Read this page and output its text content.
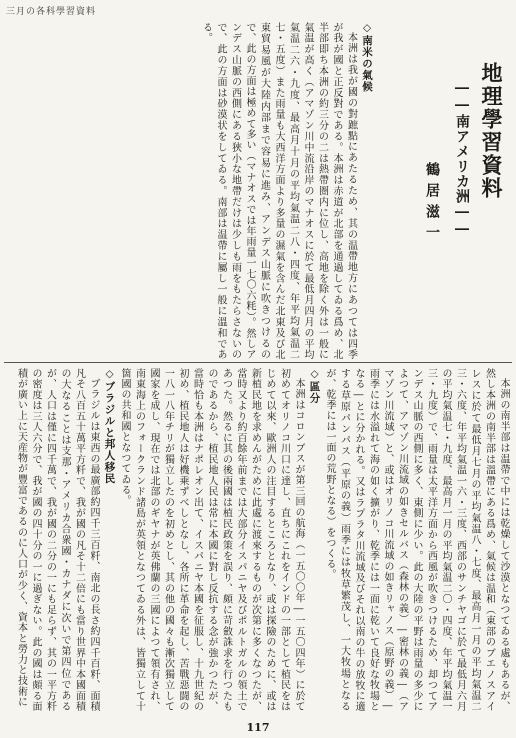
三月の各科學習資料
地理學習資料
――南アメリカ洲――
鶴居滋一
◇南米の氣候

本洲は我が國の對蹠點にあたるため、其の温帶地方にあつては四季が我が國と正反對である。本洲は赤道が北部を通過してゐる爲め、北半部即ち本洲の約三分の二は熱帶圏内に位し、高地を除く外は一般に氣温が高く（アマゾン川中流沿岸のマナオスに於て最低月四月の平均氣温二六・九度、最高月十月の平均氣温二八・四度、年平均氣温二七・五度）また雨量も大西洋方面より多量の濕氣を含んだ北東及び北東貿易風が大陸内部まで容易に進み、アンデス山脈に吹きつけるので、此の方面は極めて多い（マナオスでは年雨量一七〇六粍）。然しアンデス山脈の西側にある狹小な地帶だけは少しも雨をもたらさないので、此の方面は砂漠状をしてゐる。南部は温帶に屬し一般に溫和である。

本洲の南半部は温帶で中には乾燥して沙漠となつてゐる處もあるが、然し本洲の南半部は溫帶にある爲め、氣候は温和（東部のブエノスアイレスに於て最低月七月の平均氣温八・七度、最高月一月の平均氣温二三・六度、年平均氣温一六・三度、西部のサンチヤゴに於て最低月六月の平均氣温七・九度、最高月一月の平均氣温二〇・四度、年平均氣温一三・九度）で、雨量は太平洋方面から西風が吹きつけるため、却つてアンデス山脈の西側に多く、東側に少い。此の大陸の平野は雨量の多少によつて、アマゾン川流域の如きセルバス（森林の義）―密林の義―（アマゾン川流域）と、或はオリノコ川流域の如きリャノス（原野の義）―雨季には水溢れて海の如く擴がり、乾季には一面に乾いて良好な牧場となる―とに分かれる。又はラプラタ川流域及びそれ以南の牛の放牧に適する草原パンパス（平原の義）雨季には牧草繁茂し、一大牧場となるが、乾季には一面の荒野となる）をつくる。

◇區分

本洲はコロンブスが第三回の航海（一五〇〇年―一五〇四年）に於て初めてオリノコ川口に達し、直ちにこれをインドの一部として植民をはじめて以來、歐洲人の注目するところとなり、或は探險のために、或は新植民地を求めんがために此處に渡來するものが次第に多くなつたが、當時又より約百餘年前までは大部分イスパニヤ及びポルトガルの領土であつた。然るに其の後兩國は植民政策を誤り、頗に苛斂誅求を行つたものであるから、植民地人民は常に本國に對し反抗する念が強かつたが、當時恰も本洲はナポレオン出て、イスパニヤ本國を征服し、十九世紀の初め、植民地人は好機乘ずべしとなし、各所に革命を起し、苦戰惡闘の一八一八年チリが獨立したのを初めとし、其の他の國々も漸次獨立して國家を成し、現在では北部のギヤナが英佛蘭の三國によつて領有され、南東海上のフォークランド諸島が英領となつてゐる外は、皆獨立して十箇國の共和國となつてゐる。

◇ブラジルと邦人移民

ブラジルは東西の最廣部約四千三百粁、南北の長さ約四千百粁、面積凡そ八百五十萬平方粁で、我が國の凡そ十二倍にも當り世界中本國面積の大なることは支那・アメリカ合衆國・カナダに次いで第四位であるが、人口は僅に四千萬で、我が國の二分の一にも足らず、其の一平方粁の密度は三人六分で、我が國の四十分の一に過ぎない。此の國は頗る面積が廣い上に天産物が豐富であるのに人口が少く、資本と勞力と技術に

117
